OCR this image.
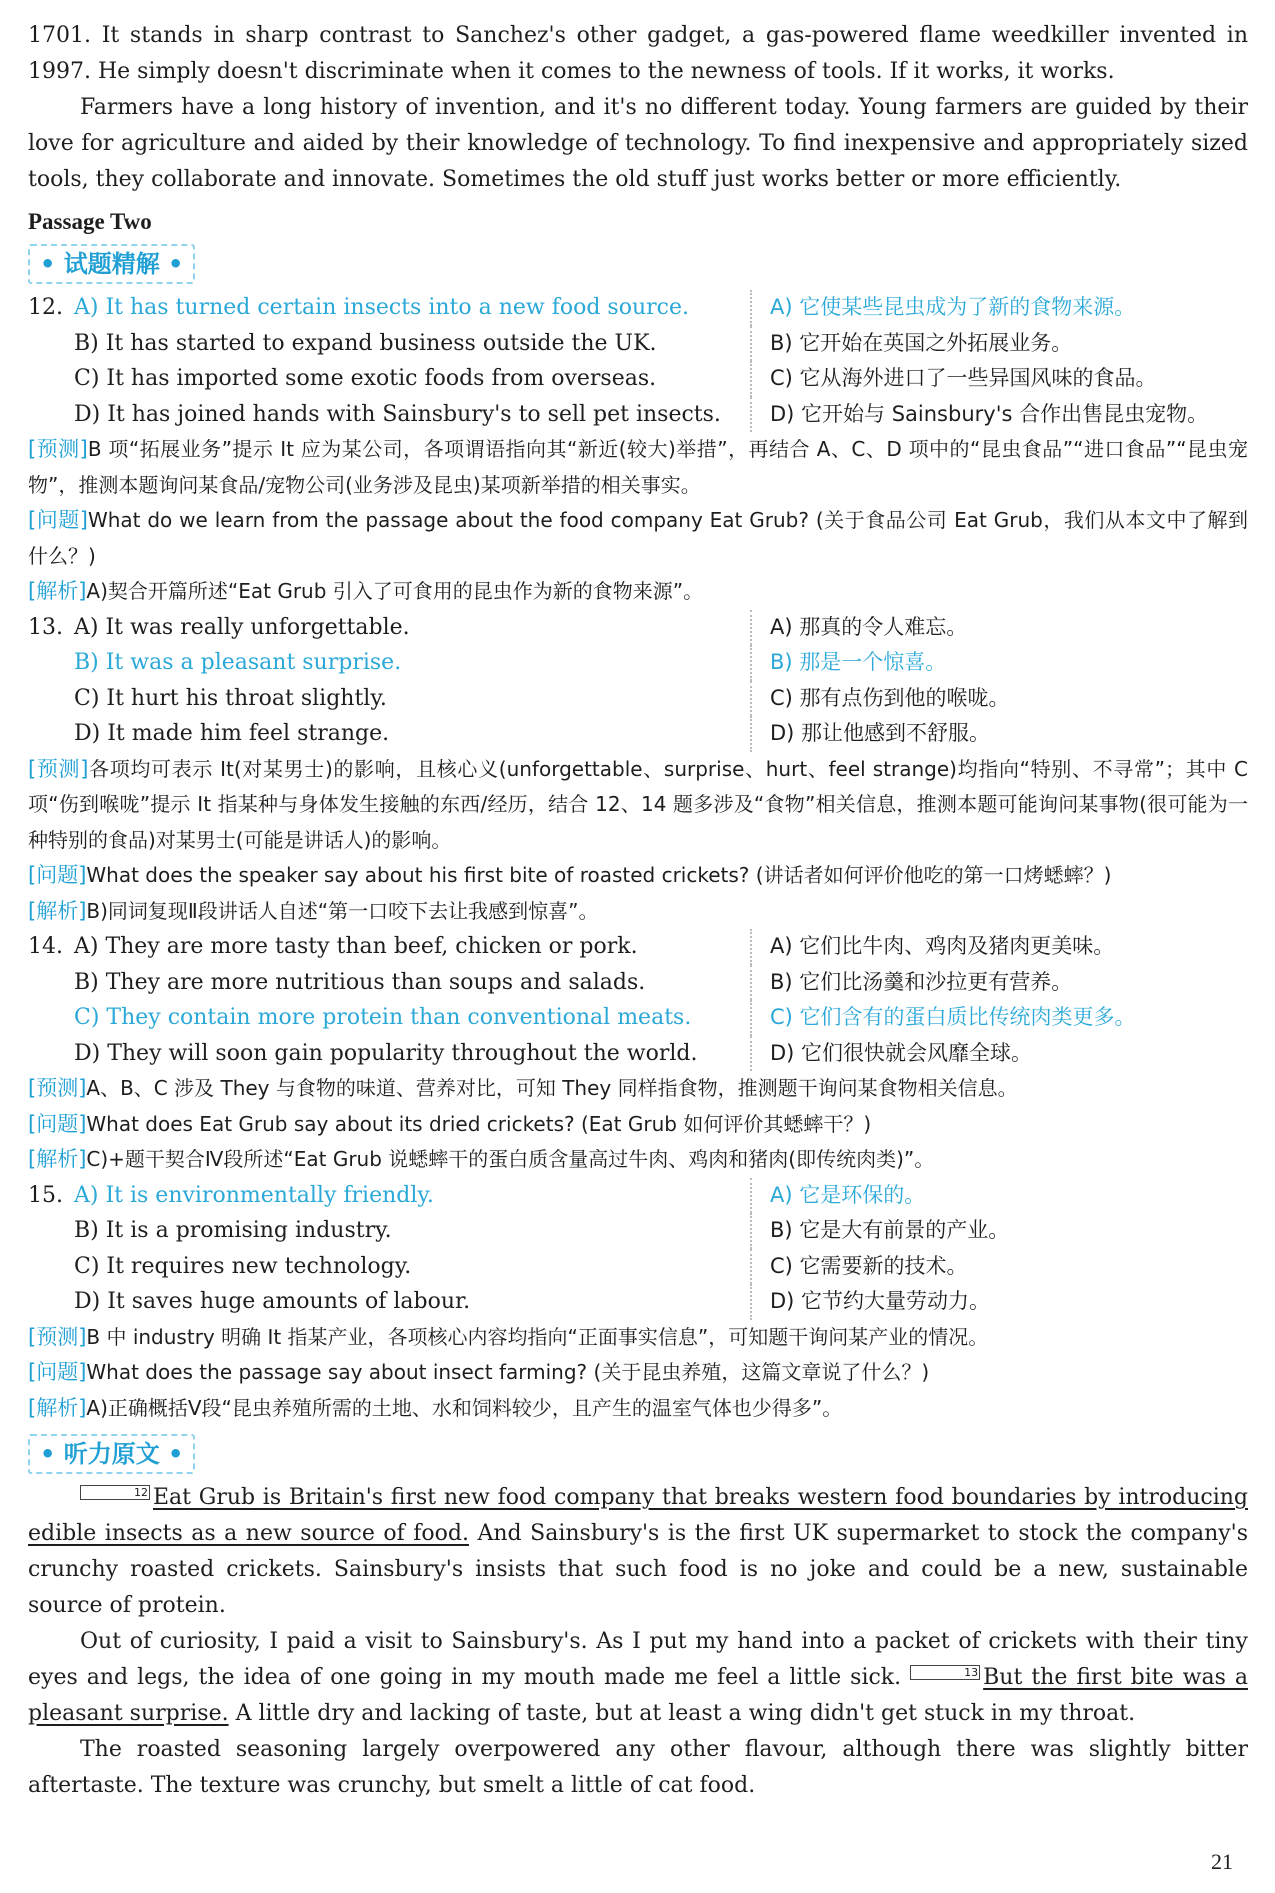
1701. It stands in sharp contrast to Sanchez's other gadget, a gas-powered flame weedkiller invented in 1997. He simply doesn't discriminate when it comes to the newness of tools. If it works, it works.

Farmers have a long history of invention, and it's no different today. Young farmers are guided by their love for agriculture and aided by their knowledge of technology. To find inexpensive and appropriately sized tools, they collaborate and innovate. Sometimes the old stuff just works better or more efficiently.

Passage Two
• 试题精解 •
12. A) It has turned certain insects into a new food source.	A) 它使某些昆虫成为了新的食物来源。
B) It has started to expand business outside the UK.	B) 它开始在英国之外拓展业务。
C) It has imported some exotic foods from overseas.	C) 它从海外进口了一些异国风味的食品。
D) It has joined hands with Sainsbury's to sell pet insects.	D) 它开始与 Sainsbury's 合作出售昆虫宠物。

[预测]B 项“拓展业务”提示 It 应为某公司，各项谓语指向其“新近(较大)举措”，再结合 A、C、D 项中的“昆虫食品”“进口食品”“昆虫宠物”，推测本题询问某食品/宠物公司(业务涉及昆虫)某项新举措的相关事实。

[问题]What do we learn from the passage about the food company Eat Grub? (关于食品公司 Eat Grub，我们从本文中了解到什么？)

[解析]A)契合开篇所述“Eat Grub 引入了可食用的昆虫作为新的食物来源”。

13. A) It was really unforgettable.	A) 那真的令人难忘。
B) It was a pleasant surprise.	B) 那是一个惊喜。
C) It hurt his throat slightly.	C) 那有点伤到他的喉咙。
D) It made him feel strange.	D) 那让他感到不舒服。

[预测]各项均可表示 It(对某男士)的影响，且核心义(unforgettable、surprise、hurt、feel strange)均指向“特别、不寻常”；其中 C 项“伤到喉咙”提示 It 指某种与身体发生接触的东西/经历，结合 12、14 题多涉及“食物”相关信息，推测本题可能询问某事物(很可能为一种特别的食品)对某男士(可能是讲话人)的影响。

[问题]What does the speaker say about his first bite of roasted crickets? (讲话者如何评价他吃的第一口烤蟋蟀？)

[解析]B)同词复现Ⅱ段讲话人自述“第一口咬下去让我感到惊喜”。

14. A) They are more tasty than beef, chicken or pork.	A) 它们比牛肉、鸡肉及猪肉更美味。
B) They are more nutritious than soups and salads.	B) 它们比汤羹和沙拉更有营养。
C) They contain more protein than conventional meats.	C) 它们含有的蛋白质比传统肉类更多。
D) They will soon gain popularity throughout the world.	D) 它们很快就会风靡全球。

[预测]A、B、C 涉及 They 与食物的味道、营养对比，可知 They 同样指食物，推测题干询问某食物相关信息。

[问题]What does Eat Grub say about its dried crickets? (Eat Grub 如何评价其蟋蟀干？)

[解析]C)+题干契合Ⅳ段所述“Eat Grub 说蟋蟀干的蛋白质含量高过牛肉、鸡肉和猪肉(即传统肉类)”。

15. A) It is environmentally friendly.	A) 它是环保的。
B) It is a promising industry.	B) 它是大有前景的产业。
C) It requires new technology.	C) 它需要新的技术。
D) It saves huge amounts of labour.	D) 它节约大量劳动力。

[预测]B 中 industry 明确 It 指某产业，各项核心内容均指向“正面事实信息”，可知题干询问某产业的情况。

[问题]What does the passage say about insect farming? (关于昆虫养殖，这篇文章说了什么？)

[解析]A)正确概括Ⅴ段“昆虫养殖所需的土地、水和饲料较少，且产生的温室气体也少得多”。

• 听力原文 •

12 Eat Grub is Britain's first new food company that breaks western food boundaries by introducing edible insects as a new source of food. And Sainsbury's is the first UK supermarket to stock the company's crunchy roasted crickets. Sainsbury's insists that such food is no joke and could be a new, sustainable source of protein.

Out of curiosity, I paid a visit to Sainsbury's. As I put my hand into a packet of crickets with their tiny eyes and legs, the idea of one going in my mouth made me feel a little sick.	13 But the first bite was a pleasant surprise. A little dry and lacking of taste, but at least a wing didn't get stuck in my throat.

The roasted seasoning largely overpowered any other flavour, although there was slightly bitter aftertaste. The texture was crunchy, but smelt a little of cat food.

21
